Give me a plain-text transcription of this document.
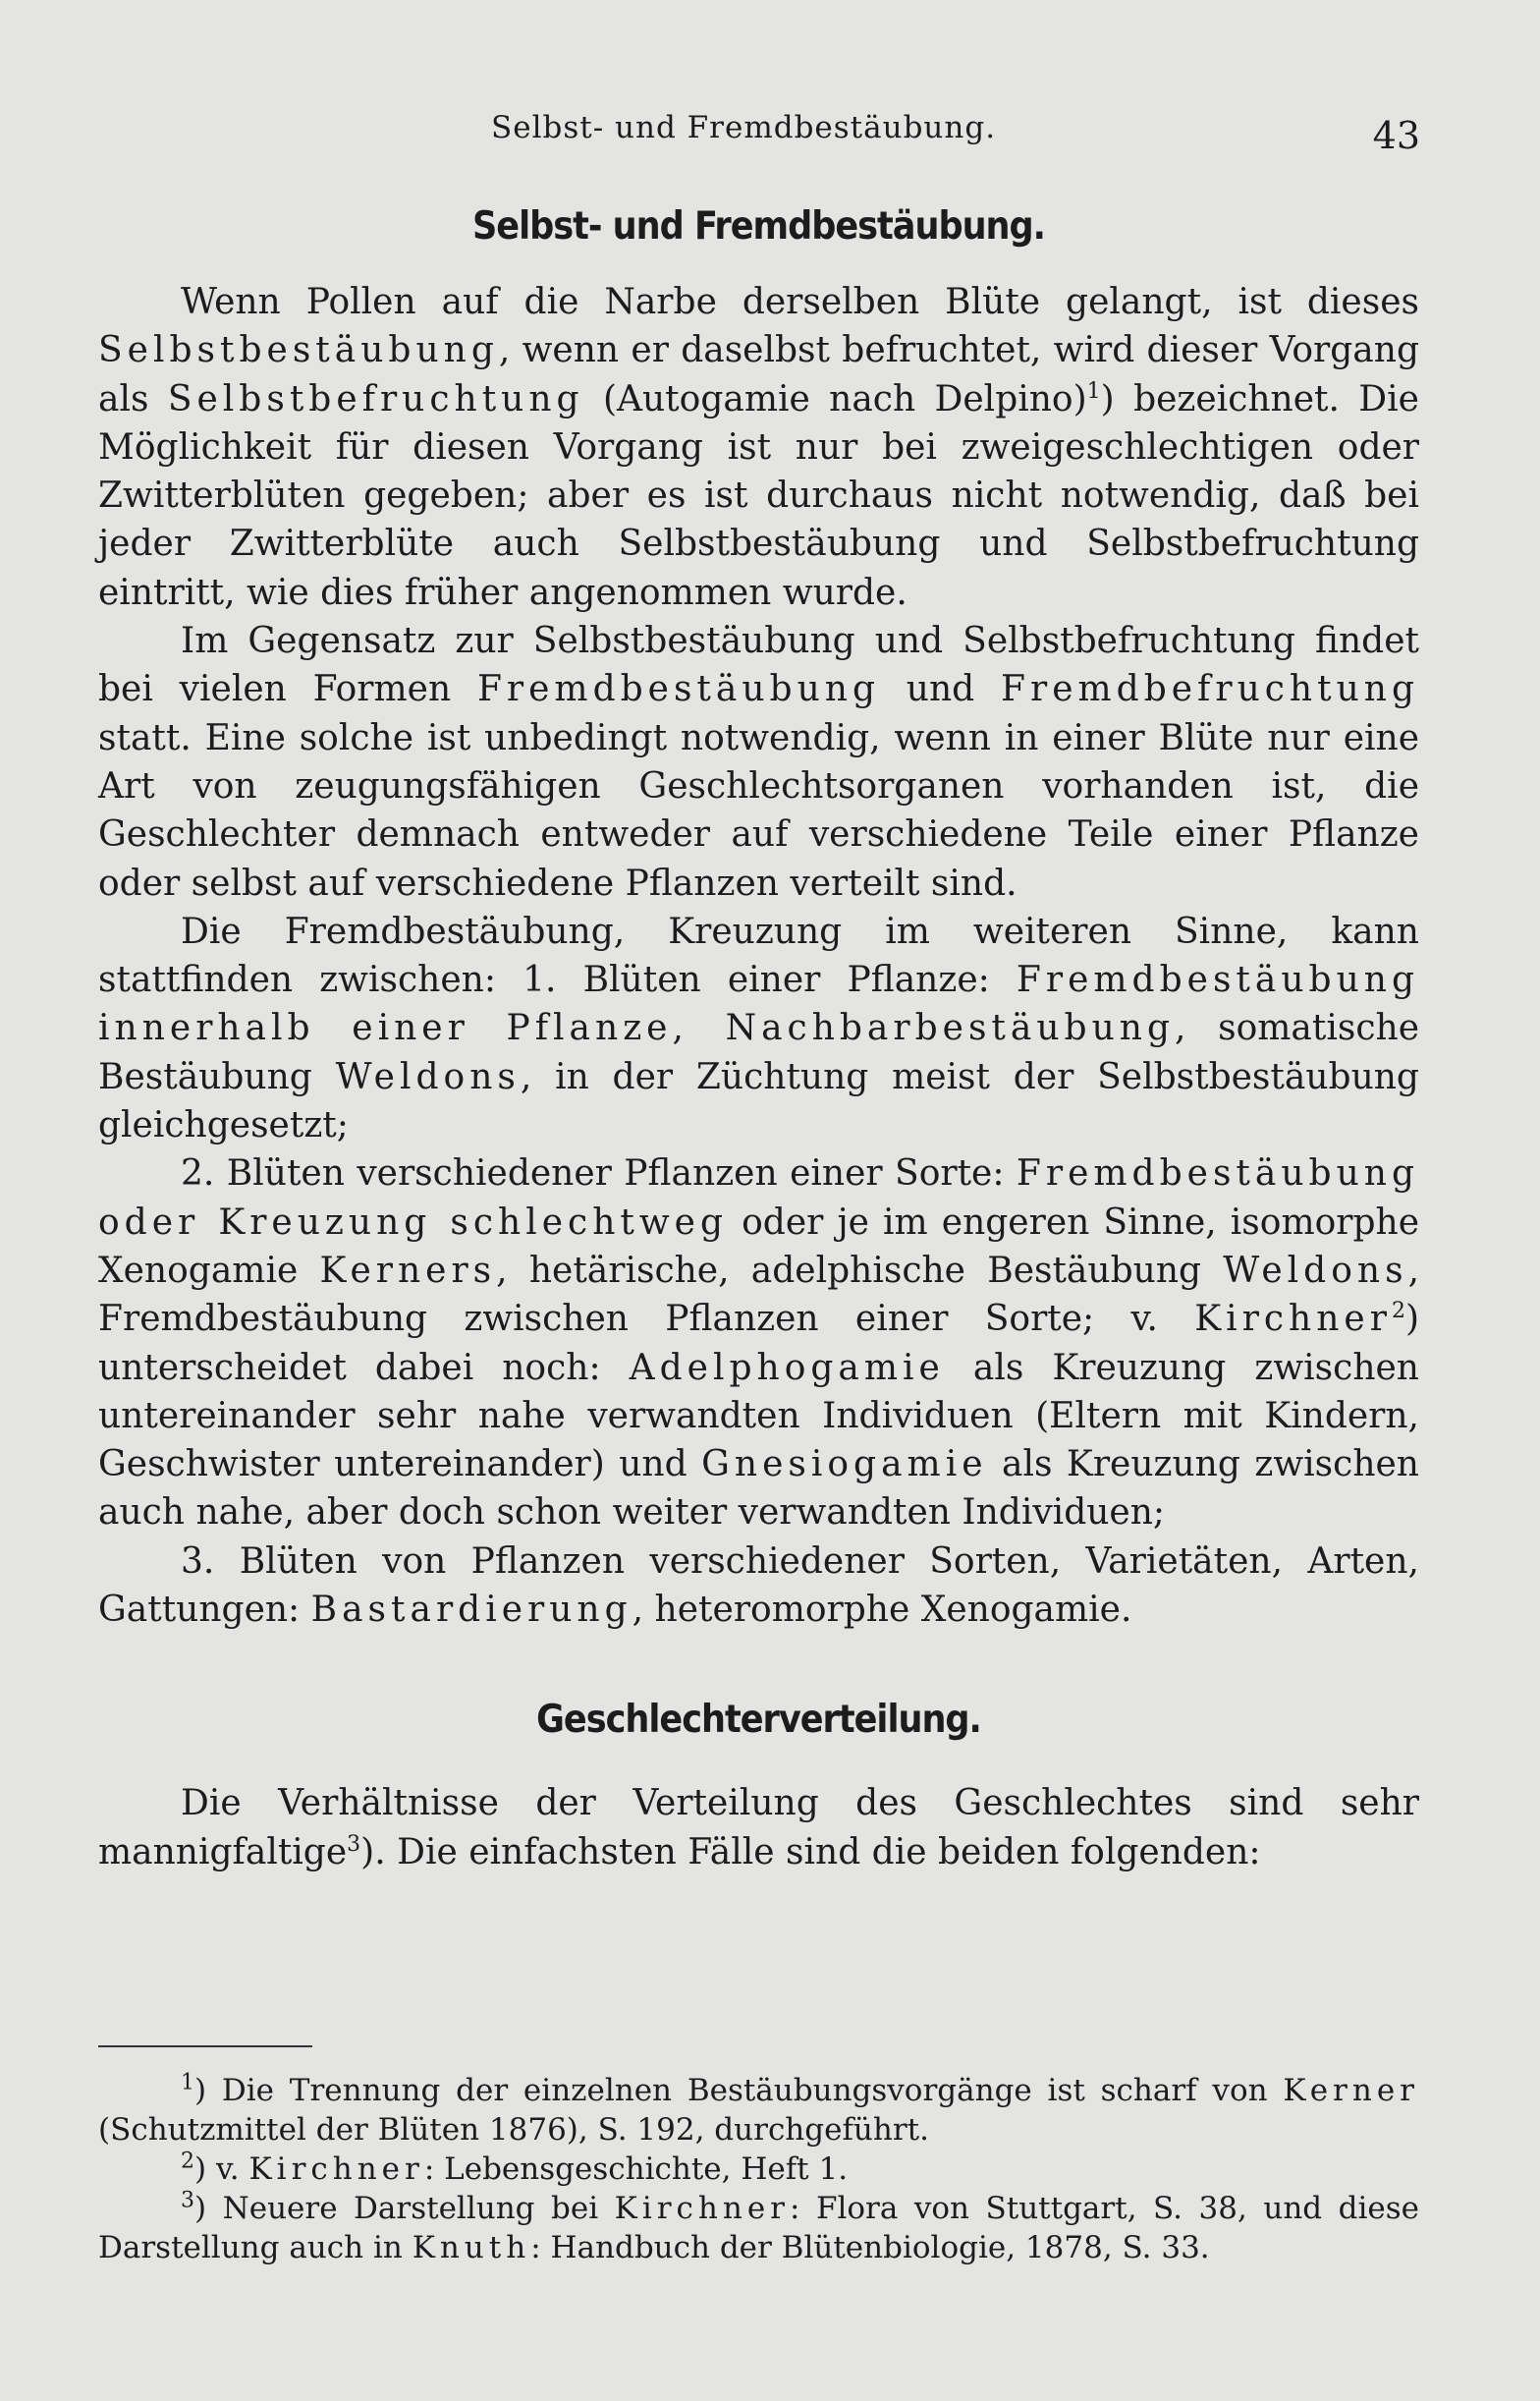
Selbst- und Fremdbestäubung.	43
Selbst- und Fremdbestäubung.

Wenn Pollen auf die Narbe derselben Blüte gelangt, ist dieses Selbstbestäubung, wenn er daselbst befruchtet, wird dieser Vorgang als Selbstbefruchtung (Autogamie nach Delpino)$^1$) bezeichnet. Die Möglichkeit für diesen Vorgang ist nur bei zweigeschlechtigen oder Zwitterblüten gegeben; aber es ist durchaus nicht notwendig, daß bei jeder Zwitterblüte auch Selbstbestäubung und Selbstbefruchtung eintritt, wie dies früher angenommen wurde.

Im Gegensatz zur Selbstbestäubung und Selbstbefruchtung findet bei vielen Formen Fremdbestäubung und Fremdbefruchtung statt. Eine solche ist unbedingt notwendig, wenn in einer Blüte nur eine Art von zeugungsfähigen Geschlechtsorganen vorhanden ist, die Geschlechter demnach entweder auf verschiedene Teile einer Pflanze oder selbst auf verschiedene Pflanzen verteilt sind.

Die Fremdbestäubung, Kreuzung im weiteren Sinne, kann stattfinden zwischen: 1. Blüten einer Pflanze: Fremdbestäubung innerhalb einer Pflanze, Nachbarbestäubung, somatische Bestäubung Weldons, in der Züchtung meist der Selbstbestäubung gleichgesetzt;

2. Blüten verschiedener Pflanzen einer Sorte: Fremdbestäubung oder Kreuzung schlechtweg oder je im engeren Sinne, isomorphe Xenogamie Kerners, hetärische, adelphische Bestäubung Weldons, Fremdbestäubung zwischen Pflanzen einer Sorte; v. Kirchner$^2$) unterscheidet dabei noch: Adelphogamie als Kreuzung zwischen untereinander sehr nahe verwandten Individuen (Eltern mit Kindern, Geschwister untereinander) und Gnesiogamie als Kreuzung zwischen auch nahe, aber doch schon weiter verwandten Individuen;

3. Blüten von Pflanzen verschiedener Sorten, Varietäten, Arten, Gattungen: Bastardierung, heteromorphe Xenogamie.

Geschlechterverteilung.

Die Verhältnisse der Verteilung des Geschlechtes sind sehr mannigfaltige$^3$). Die einfachsten Fälle sind die beiden folgenden:

$^1$) Die Trennung der einzelnen Bestäubungsvorgänge ist scharf von Kerner (Schutzmittel der Blüten 1876), S. 192, durchgeführt.

$^2$) v. Kirchner: Lebensgeschichte, Heft 1.

$^3$) Neuere Darstellung bei Kirchner: Flora von Stuttgart, S. 38, und diese Darstellung auch in Knuth: Handbuch der Blütenbiologie, 1878, S. 33.
